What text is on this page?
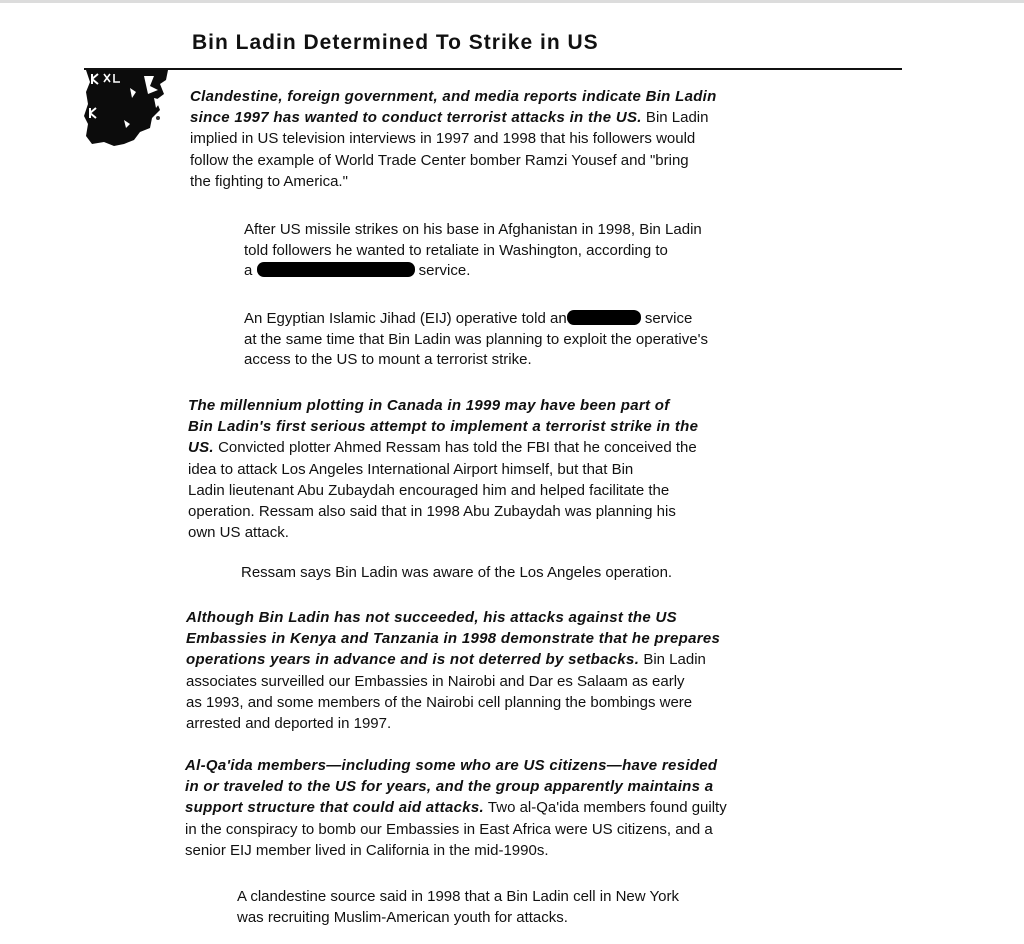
Bin Ladin Determined To Strike in US

Clandestine, foreign government, and media reports indicate Bin Ladin
since 1997 has wanted to conduct terrorist attacks in the US. Bin Ladin
implied in US television interviews in 1997 and 1998 that his followers would
follow the example of World Trade Center bomber Ramzi Yousef and "bring
the fighting to America."

After US missile strikes on his base in Afghanistan in 1998, Bin Ladin
told followers he wanted to retaliate in Washington, according to
a	service.

An Egyptian Islamic Jihad (EIJ) operative told an	service
at the same time that Bin Ladin was planning to exploit the operative's
access to the US to mount a terrorist strike.

The millennium plotting in Canada in 1999 may have been part of
Bin Ladin's first serious attempt to implement a terrorist strike in the
US. Convicted plotter Ahmed Ressam has told the FBI that he conceived the
idea to attack Los Angeles International Airport himself, but that Bin
Ladin lieutenant Abu Zubaydah encouraged him and helped facilitate the
operation. Ressam also said that in 1998 Abu Zubaydah was planning his
own US attack.

Ressam says Bin Ladin was aware of the Los Angeles operation.

Although Bin Ladin has not succeeded, his attacks against the US
Embassies in Kenya and Tanzania in 1998 demonstrate that he prepares
operations years in advance and is not deterred by setbacks. Bin Ladin
associates surveilled our Embassies in Nairobi and Dar es Salaam as early
as 1993, and some members of the Nairobi cell planning the bombings were
arrested and deported in 1997.

Al-Qa'ida members—including some who are US citizens—have resided
in or traveled to the US for years, and the group apparently maintains a
support structure that could aid attacks. Two al-Qa'ida members found guilty
in the conspiracy to bomb our Embassies in East Africa were US citizens, and a
senior EIJ member lived in California in the mid-1990s.

A clandestine source said in 1998 that a Bin Ladin cell in New York
was recruiting Muslim-American youth for attacks.
